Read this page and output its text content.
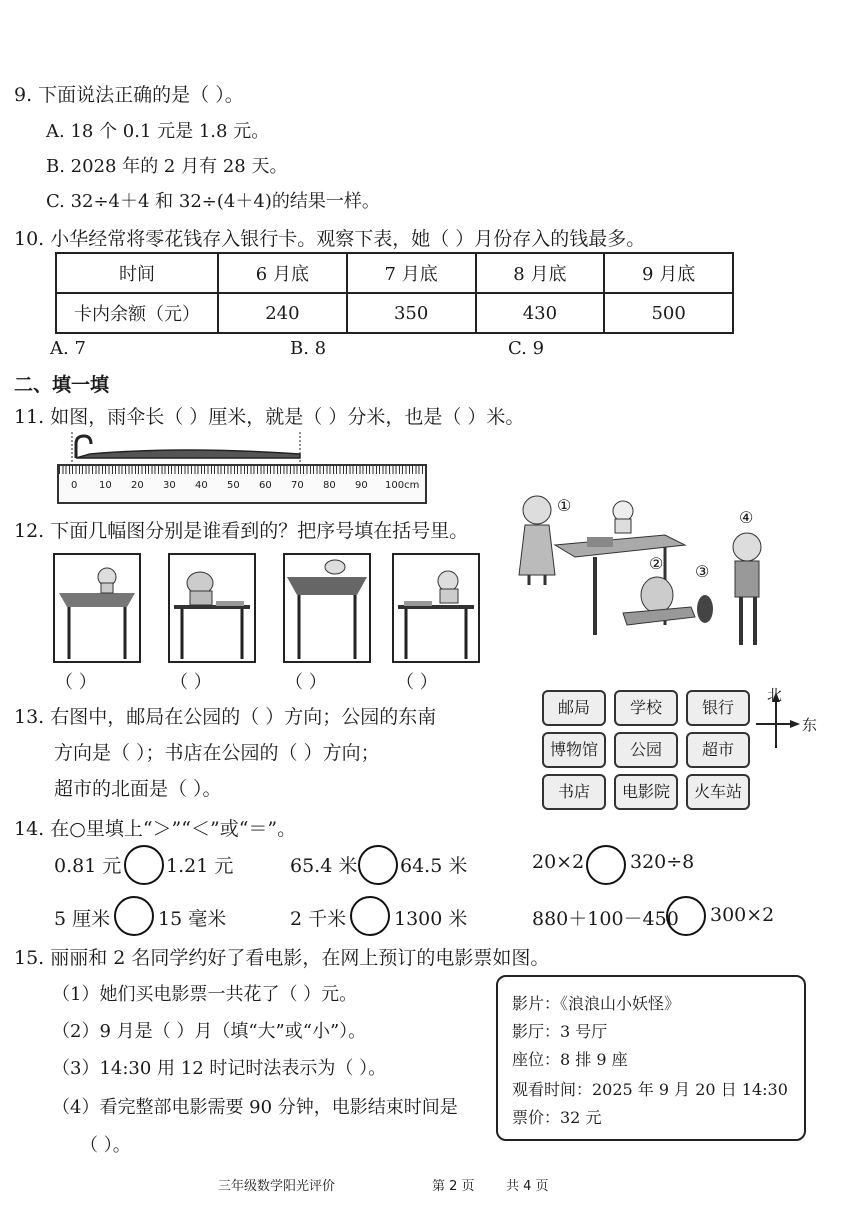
9. 下面说法正确的是（ ）。
A. 18 个 0.1 元是 1.8 元。
B. 2028 年的 2 月有 28 天。
C. 32÷4＋4 和 32÷(4＋4)的结果一样。
10. 小华经常将零花钱存入银行卡。观察下表，她（ ）月份存入的钱最多。
时间	6 月底	7 月底	8 月底	9 月底
卡内余额（元）	240	350	430	500
A. 7	B. 8	C. 9
二、填一填
11. 如图，雨伞长（ ）厘米，就是（ ）分米，也是（ ）米。
0 10 20 30 40 50 60 70 80 90 100cm
12. 下面几幅图分别是谁看到的？把序号填在括号里。
（ ）	（ ）	（ ）	（ ）
①
② ③
④
13. 右图中，邮局在公园的（ ）方向；公园的东南
方向是（ ）；书店在公园的（ ）方向；
超市的北面是（ ）。
邮局	学校	银行
博物馆	公园	超市
书店	电影院	火车站
北
东
14. 在○里填上“＞”“＜”或“＝”。
0.81 元 1.21 元	65.4 米 64.5 米	20×2 320÷8
5 厘米	15 毫米	2 千米	1300 米	880＋100－450 300×2
15. 丽丽和 2 名同学约好了看电影，在网上预订的电影票如图。
（1）她们买电影票一共花了（ ）元。
（2）9 月是（ ）月（填“大”或“小”）。
（3）14:30 用 12 时记时法表示为（ ）。
（4）看完整部电影需要 90 分钟，电影结束时间是
（ ）。
影片：《浪浪山小妖怪》
影厅：3 号厅
座位：8 排 9 座
观看时间：2025 年 9 月 20 日 14:30
票价：32 元
三年级数学阳光评价	第 2 页 共 4 页
